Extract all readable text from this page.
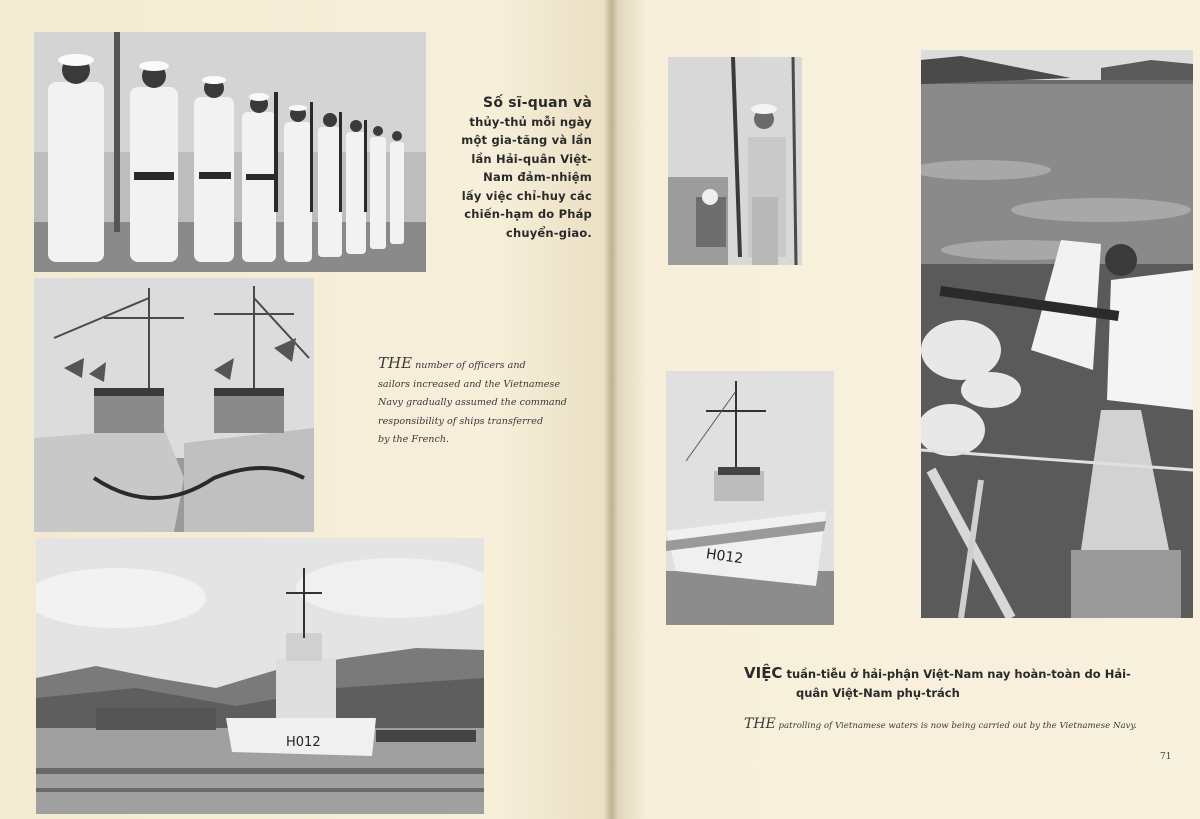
H012
Số sĩ-quan và
thủy-thủ mỗi ngày
một gia-tăng và lần
lần Hải-quân Việt-
Nam đảm-nhiệm
lấy việc chỉ-huy các
chiến-hạm do Pháp
chuyển-giao.
THE number of officers and
sailors increased and the Vietnamese
Navy gradually assumed the command
responsibility of ships transferred
by the French.
H012
VIỆC tuần-tiễu ở hải-phận Việt-Nam nay hoàn-toàn do Hải-
quân Việt-Nam phụ-trách
THE patrolling of Vietnamese waters is now being carried out by the Vietnamese Navy.
71
